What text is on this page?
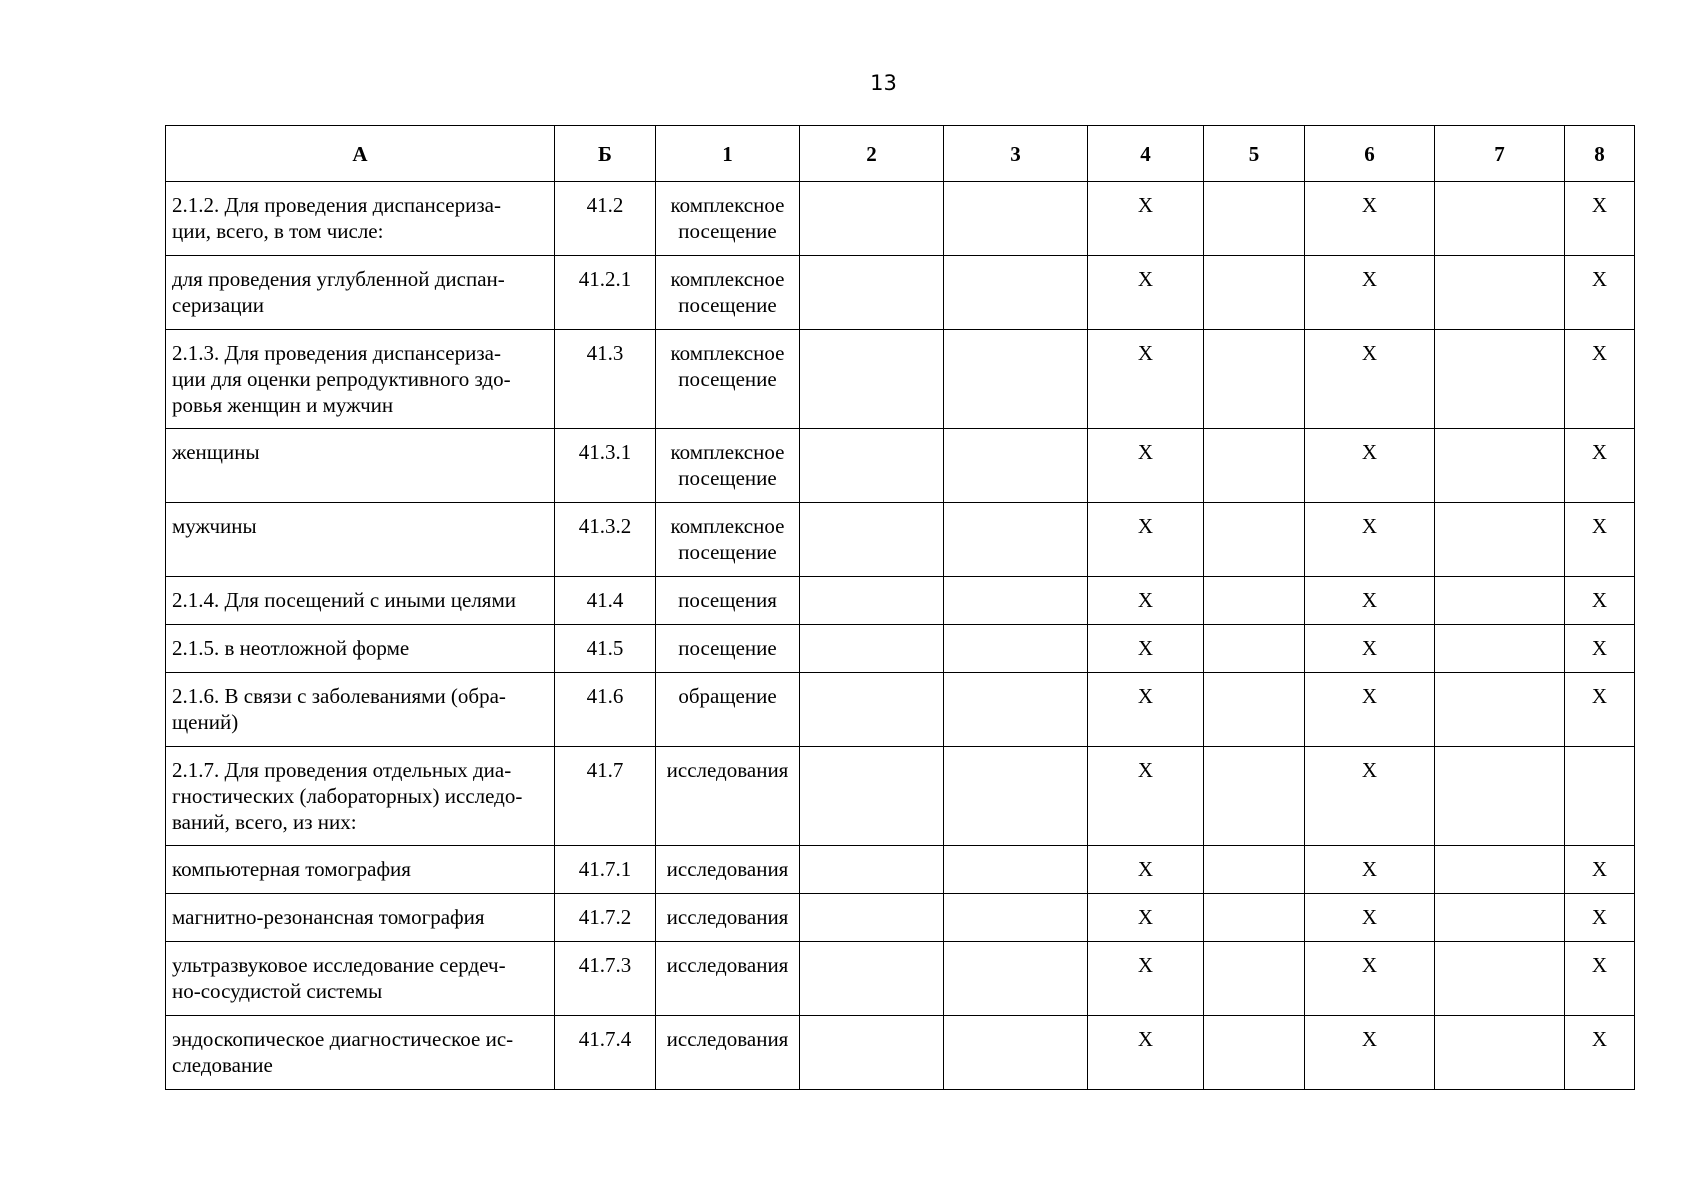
13
А	Б	1	2	3	4	5	6	7	8
2.1.2. Для проведения диспансериза-
ции, всего, в том числе:	41.2	комплексное
посещение			X		X		X
для проведения углубленной диспан-
серизации	41.2.1	комплексное
посещение			X		X		X
2.1.3. Для проведения диспансериза-
ции для оценки репродуктивного здо-
ровья женщин и мужчин	41.3	комплексное
посещение			X		X		X
женщины	41.3.1	комплексное
посещение			X		X		X
мужчины	41.3.2	комплексное
посещение			X		X		X
2.1.4. Для посещений с иными целями	41.4	посещения			X		X		X
2.1.5. в неотложной форме	41.5	посещение			X		X		X
2.1.6. В связи с заболеваниями (обра-
щений)	41.6	обращение			X		X		X
2.1.7. Для проведения отдельных диа-
гностических (лабораторных) исследо-
ваний, всего, из них:	41.7	исследования			X		X		
компьютерная томография	41.7.1	исследования			X		X		X
магнитно-резонансная томография	41.7.2	исследования			X		X		X
ультразвуковое исследование сердеч-
но-сосудистой системы	41.7.3	исследования			X		X		X
эндоскопическое диагностическое ис-
следование	41.7.4	исследования			X		X		X
